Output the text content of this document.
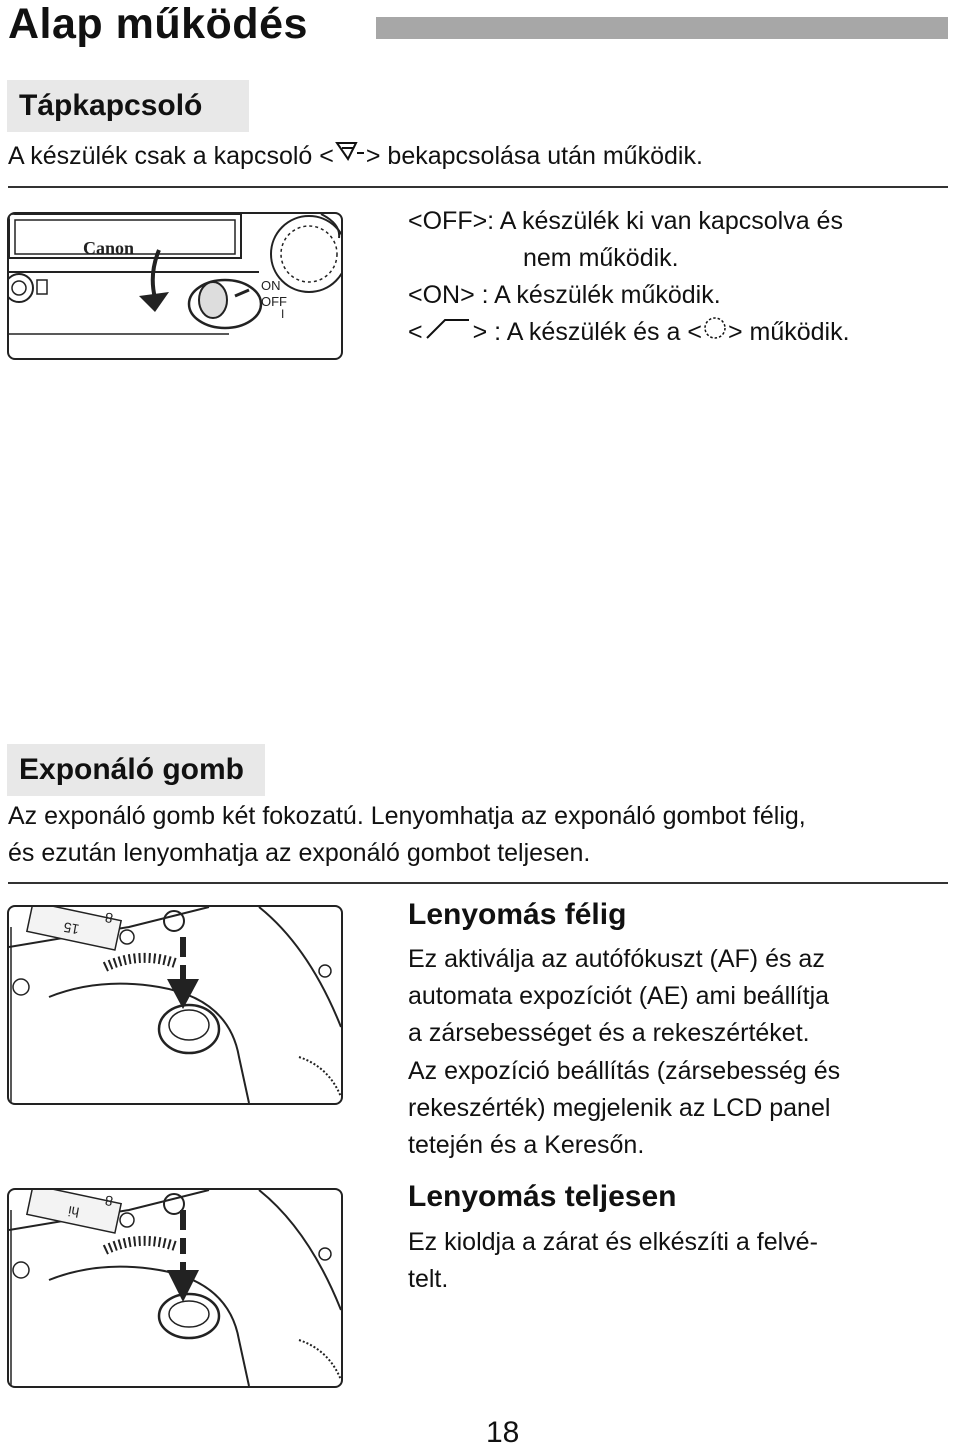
Alap működés
Tápkapcsoló
A készülék csak a kapcsoló < > bekapcsolása után működik.
Canon
ON
OFF
I
<OFF>: A készülék ki van kapcsolva és
nem működik.
<ON> : A készülék működik.
< > : A készülék és a < > működik.
Exponáló gomb
Az exponáló gomb két fokozatú. Lenyomhatja az exponáló gombot félig,
és ezután lenyomhatja az exponáló gombot teljesen.
15
8
hi
8
Lenyomás félig
Ez aktiválja az autófókuszt (AF) és az
automata expozíciót (AE) ami beállítja
a zársebességet és a rekeszértéket.
Az expozíció beállítás (zársebesség és
rekeszérték) megjelenik az LCD panel
tetején és a Keresőn.
Lenyomás teljesen
Ez kioldja a zárat és elkészíti a felvé-
telt.
18
